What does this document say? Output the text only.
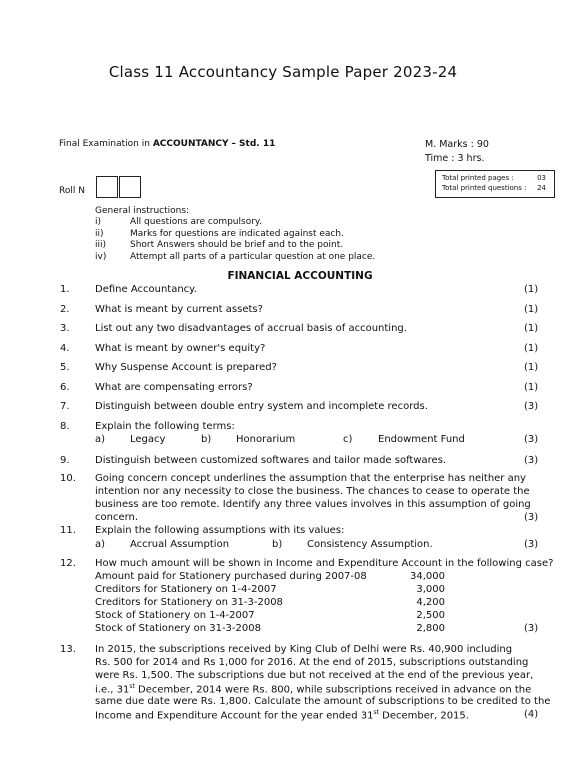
Class 11 Accountancy Sample Paper 2023-24
Final Examination in ACCOUNTANCY – Std. 11	M. Marks : 90
Time : 3 hrs.
Total printed pages :	03
Total printed questions : 24
Roll N
General instructions:
i)	All questions are compulsory.
ii)	Marks for questions are indicated against each.
iii)	Short Answers should be brief and to the point.
iv)	Attempt all parts of a particular question at one place.
FINANCIAL ACCOUNTING
1.	Define Accountancy.	(1)
2.	What is meant by current assets?	(1)
3.	List out any two disadvantages of accrual basis of accounting.	(1)
4.	What is meant by owner's equity?	(1)
5.	Why Suspense Account is prepared?	(1)
6.	What are compensating errors?	(1)
7.	Distinguish between double entry system and incomplete records.	(3)
8.	Explain the following terms:
a) Legacy	b) Honorarium	c)	Endowment Fund	(3)
9.	Distinguish between customized softwares and tailor made softwares.	(3)
10. Going concern concept underlines the assumption that the enterprise has neither any
intention nor any necessity to close the business. The chances to cease to operate the
business are too remote. Identify any three values involves in this assumption of going
concern.	(3)
11. Explain the following assumptions with its values:
a) Accrual Assumption	b) Consistency Assumption.	(3)
12. How much amount will be shown in Income and Expenditure Account in the following case?
Amount paid for Stationery purchased during 2007-08	34,000
Creditors for Stationery on 1-4-2007	3,000
Creditors for Stationery on 31-3-2008	4,200
Stock of Stationery on 1-4-2007	2,500
Stock of Stationery on 31-3-2008	2,800	(3)
13. In 2015, the subscriptions received by King Club of Delhi were Rs. 40,900 including
Rs. 500 for 2014 and Rs 1,000 for 2016. At the end of 2015, subscriptions outstanding
were Rs. 1,500. The subscriptions due but not received at the end of the previous year,
i.e., 31st December, 2014 were Rs. 800, while subscriptions received in advance on the
same due date were Rs. 1,800. Calculate the amount of subscriptions to be credited to the
Income and Expenditure Account for the year ended 31st December, 2015.	(4)
